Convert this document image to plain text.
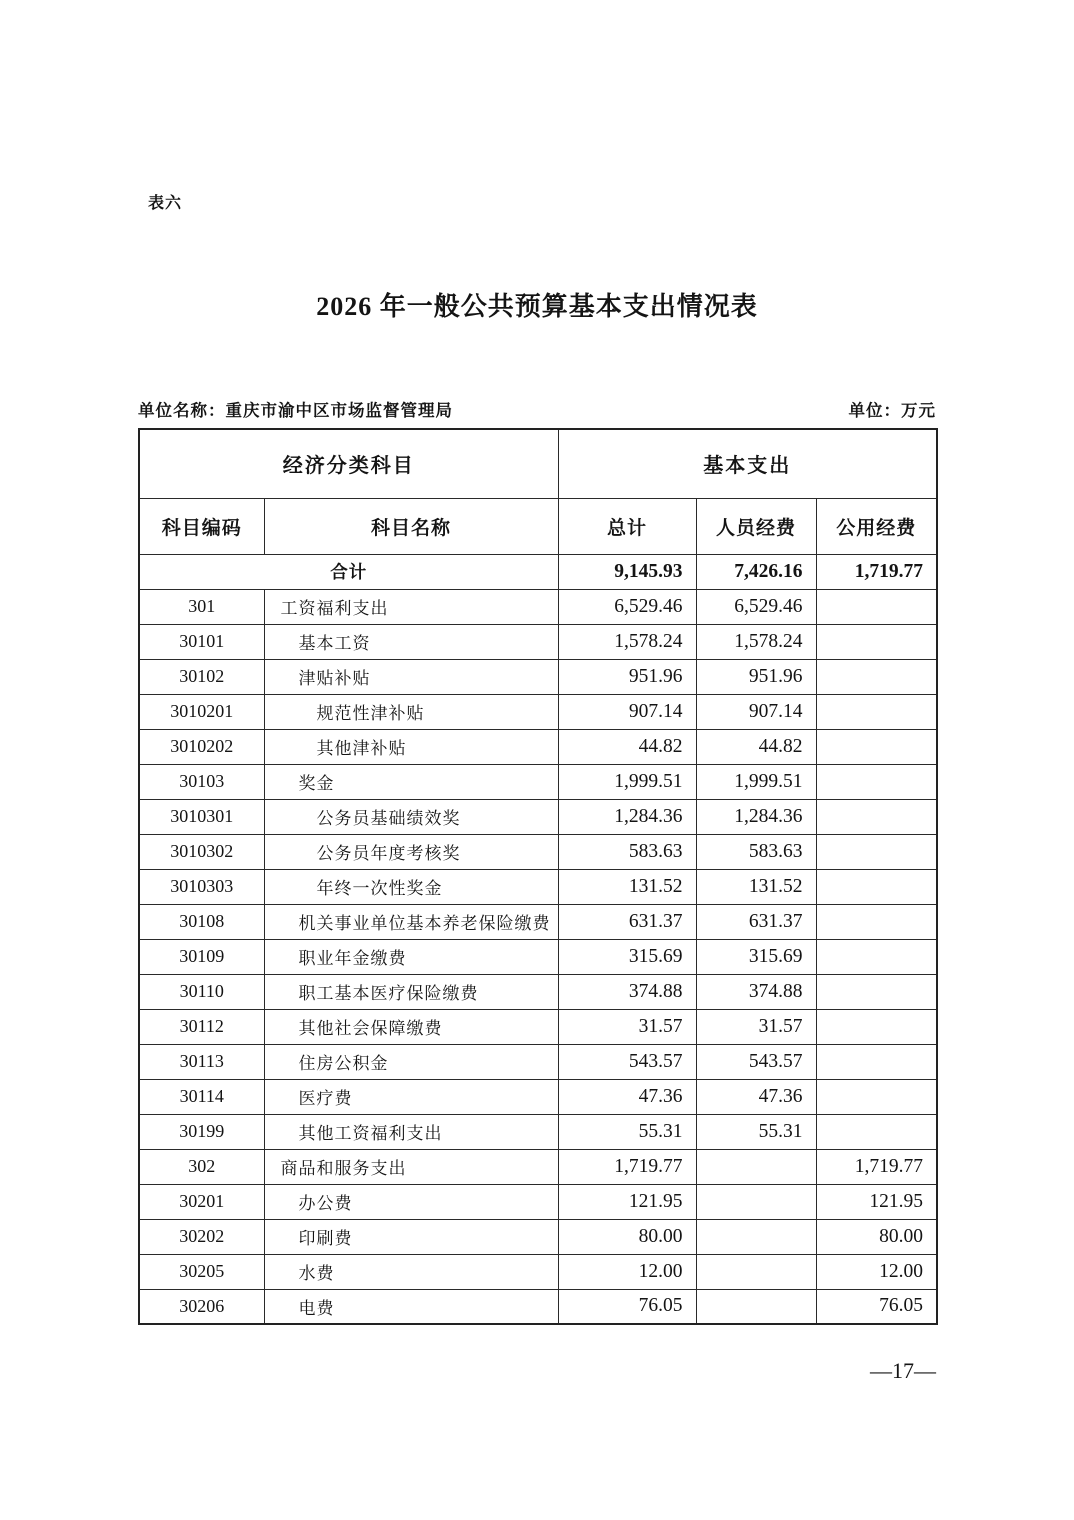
表六
2026 年一般公共预算基本支出情况表
单位名称：重庆市渝中区市场监督管理局	单位：万元
经济分类科目		基本支出		
科目编码	科目名称	总计	人员经费	公用经费
合计		9,145.93	7,426.16	1,719.77
301	工资福利支出	6,529.46	6,529.46	
30101	基本工资	1,578.24	1,578.24	
30102	津贴补贴	951.96	951.96	
3010201	规范性津补贴	907.14	907.14	
3010202	其他津补贴	44.82	44.82	
30103	奖金	1,999.51	1,999.51	
3010301	公务员基础绩效奖	1,284.36	1,284.36	
3010302	公务员年度考核奖	583.63	583.63	
3010303	年终一次性奖金	131.52	131.52	
30108	机关事业单位基本养老保险缴费	631.37	631.37	
30109	职业年金缴费	315.69	315.69	
30110	职工基本医疗保险缴费	374.88	374.88	
30112	其他社会保障缴费	31.57	31.57	
30113	住房公积金	543.57	543.57	
30114	医疗费	47.36	47.36	
30199	其他工资福利支出	55.31	55.31	
302	商品和服务支出	1,719.77		1,719.77
30201	办公费	121.95		121.95
30202	印刷费	80.00		80.00
30205	水费	12.00		12.00
30206	电费	76.05		76.05
—17—
